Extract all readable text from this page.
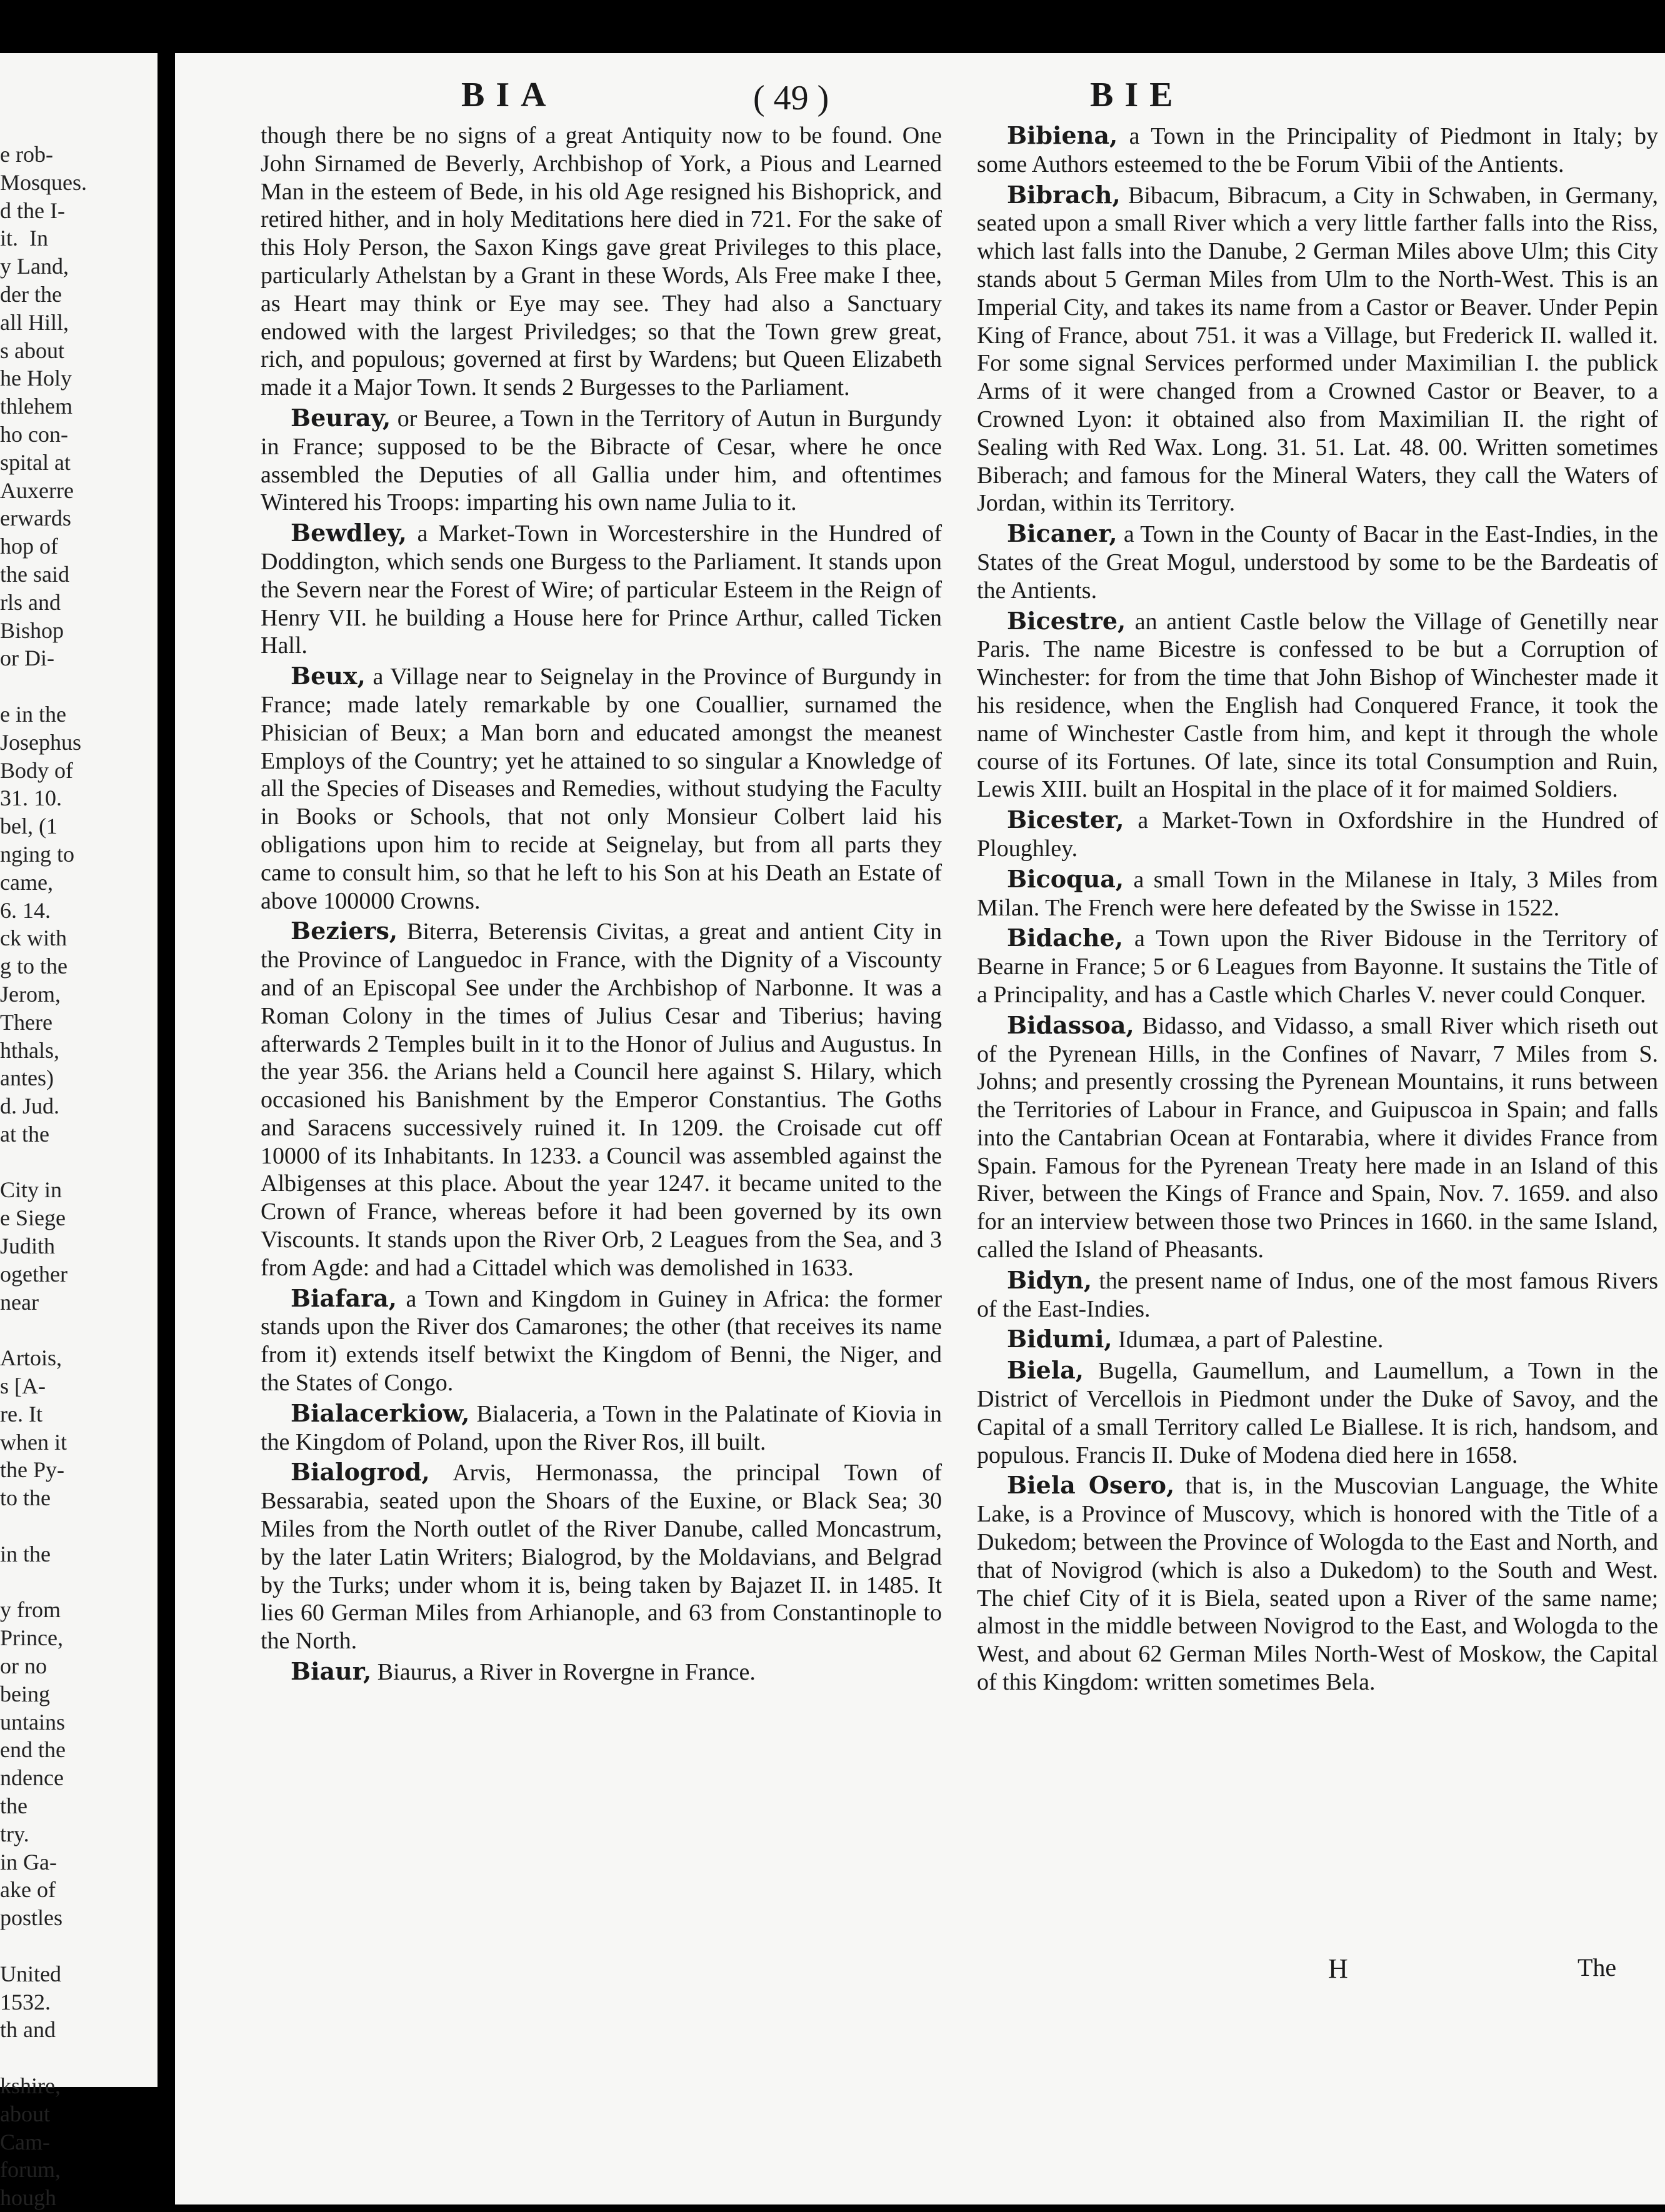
e rob-
Mosques.
d the I-
it.  In
y Land,
der the
all Hill,
s about
he Holy
thlehem
ho con-
spital at
Auxerre
erwards
hop of
the said
rls and
Bishop
or Di-

e in the
Josephus
Body of
31. 10.
bel, (1
nging to
came,
6. 14.
ck with
g to the
Jerom,
There
hthals,
antes)
d. Jud.
at the

City in
e Siege
Judith
ogether
near

Artois,
s [A-
re. It
when it
the Py-
to the

in the

y from
Prince,
or no
being
untains
end the
ndence
the
try.
in Ga-
ake of
postles

United
1532.
th and

kshire,
about
Cam-
forum,
hough
BIA	( 49 )	BIE

though there be no signs of a great Antiquity now to be found. One John Sirnamed de Beverly, Archbishop of York, a Pious and Learned Man in the esteem of Bede, in his old Age resigned his Bishoprick, and retired hither, and in holy Meditations here died in 721. For the sake of this Holy Person, the Saxon Kings gave great Privileges to this place, particularly Athelstan by a Grant in these Words, Als Free make I thee, as Heart may think or Eye may see. They had also a Sanctuary endowed with the largest Priviledges; so that the Town grew great, rich, and populous; governed at first by Wardens; but Queen Elizabeth made it a Major Town. It sends 2 Burgesses to the Parliament.

Beuray, or Beuree, a Town in the Territory of Autun in Burgundy in France; supposed to be the Bibracte of Cesar, where he once assembled the Deputies of all Gallia under him, and oftentimes Wintered his Troops: imparting his own name Julia to it.

Bewdley, a Market-Town in Worcestershire in the Hundred of Doddington, which sends one Burgess to the Parliament. It stands upon the Severn near the Forest of Wire; of particular Esteem in the Reign of Henry VII. he building a House here for Prince Arthur, called Ticken Hall.

Beux, a Village near to Seignelay in the Province of Burgundy in France; made lately remarkable by one Couallier, surnamed the Phisician of Beux; a Man born and educated amongst the meanest Employs of the Country; yet he attained to so singular a Knowledge of all the Species of Diseases and Remedies, without studying the Faculty in Books or Schools, that not only Monsieur Colbert laid his obligations upon him to recide at Seignelay, but from all parts they came to consult him, so that he left to his Son at his Death an Estate of above 100000 Crowns.

Beziers, Biterra, Beterensis Civitas, a great and antient City in the Province of Languedoc in France, with the Dignity of a Viscounty and of an Episcopal See under the Archbishop of Narbonne. It was a Roman Colony in the times of Julius Cesar and Tiberius; having afterwards 2 Temples built in it to the Honor of Julius and Augustus. In the year 356. the Arians held a Council here against S. Hilary, which occasioned his Banishment by the Emperor Constantius. The Goths and Saracens successively ruined it. In 1209. the Croisade cut off 10000 of its Inhabitants. In 1233. a Council was assembled against the Albigenses at this place. About the year 1247. it became united to the Crown of France, whereas before it had been governed by its own Viscounts. It stands upon the River Orb, 2 Leagues from the Sea, and 3 from Agde: and had a Cittadel which was demolished in 1633.

Biafara, a Town and Kingdom in Guiney in Africa: the former stands upon the River dos Camarones; the other (that receives its name from it) extends itself betwixt the Kingdom of Benni, the Niger, and the States of Congo.

Bialacerkiow, Bialaceria, a Town in the Palatinate of Kiovia in the Kingdom of Poland, upon the River Ros, ill built.

Bialogrod, Arvis, Hermonassa, the principal Town of Bessarabia, seated upon the Shoars of the Euxine, or Black Sea; 30 Miles from the North outlet of the River Danube, called Moncastrum, by the later Latin Writers; Bialogrod, by the Moldavians, and Belgrad by the Turks; under whom it is, being taken by Bajazet II. in 1485. It lies 60 German Miles from Arhianople, and 63 from Constantinople to the North.

Biaur, Biaurus, a River in Rovergne in France.

Bibiena, a Town in the Principality of Piedmont in Italy; by some Authors esteemed to the be Forum Vibii of the Antients.

Bibrach, Bibacum, Bibracum, a City in Schwaben, in Germany, seated upon a small River which a very little farther falls into the Riss, which last falls into the Danube, 2 German Miles above Ulm; this City stands about 5 German Miles from Ulm to the North-West. This is an Imperial City, and takes its name from a Castor or Beaver. Under Pepin King of France, about 751. it was a Village, but Frederick II. walled it. For some signal Services performed under Maximilian I. the publick Arms of it were changed from a Crowned Castor or Beaver, to a Crowned Lyon: it obtained also from Maximilian II. the right of Sealing with Red Wax. Long. 31. 51. Lat. 48. 00. Written sometimes Biberach; and famous for the Mineral Waters, they call the Waters of Jordan, within its Territory.

Bicaner, a Town in the County of Bacar in the East-Indies, in the States of the Great Mogul, understood by some to be the Bardeatis of the Antients.

Bicestre, an antient Castle below the Village of Genetilly near Paris. The name Bicestre is confessed to be but a Corruption of Winchester: for from the time that John Bishop of Winchester made it his residence, when the English had Conquered France, it took the name of Winchester Castle from him, and kept it through the whole course of its Fortunes. Of late, since its total Consumption and Ruin, Lewis XIII. built an Hospital in the place of it for maimed Soldiers.

Bicester, a Market-Town in Oxfordshire in the Hundred of Ploughley.

Bicoqua, a small Town in the Milanese in Italy, 3 Miles from Milan. The French were here defeated by the Swisse in 1522.

Bidache, a Town upon the River Bidouse in the Territory of Bearne in France; 5 or 6 Leagues from Bayonne. It sustains the Title of a Principality, and has a Castle which Charles V. never could Conquer.

Bidassoa, Bidasso, and Vidasso, a small River which riseth out of the Pyrenean Hills, in the Confines of Navarr, 7 Miles from S. Johns; and presently crossing the Pyrenean Mountains, it runs between the Territories of Labour in France, and Guipuscoa in Spain; and falls into the Cantabrian Ocean at Fontarabia, where it divides France from Spain. Famous for the Pyrenean Treaty here made in an Island of this River, between the Kings of France and Spain, Nov. 7. 1659. and also for an interview between those two Princes in 1660. in the same Island, called the Island of Pheasants.

Bidyn, the present name of Indus, one of the most famous Rivers of the East-Indies.

Bidumi, Idumæa, a part of Palestine.

Biela, Bugella, Gaumellum, and Laumellum, a Town in the District of Vercellois in Piedmont under the Duke of Savoy, and the Capital of a small Territory called Le Biallese. It is rich, handsom, and populous. Francis II. Duke of Modena died here in 1658.

Biela Osero, that is, in the Muscovian Language, the White Lake, is a Province of Muscovy, which is honored with the Title of a Dukedom; between the Province of Wologda to the East and North, and that of Novigrod (which is also a Dukedom) to the South and West. The chief City of it is Biela, seated upon a River of the same name; almost in the middle between Novigrod to the East, and Wologda to the West, and about 62 German Miles North-West of Moskow, the Capital of this Kingdom: written sometimes Bela.

H	The
